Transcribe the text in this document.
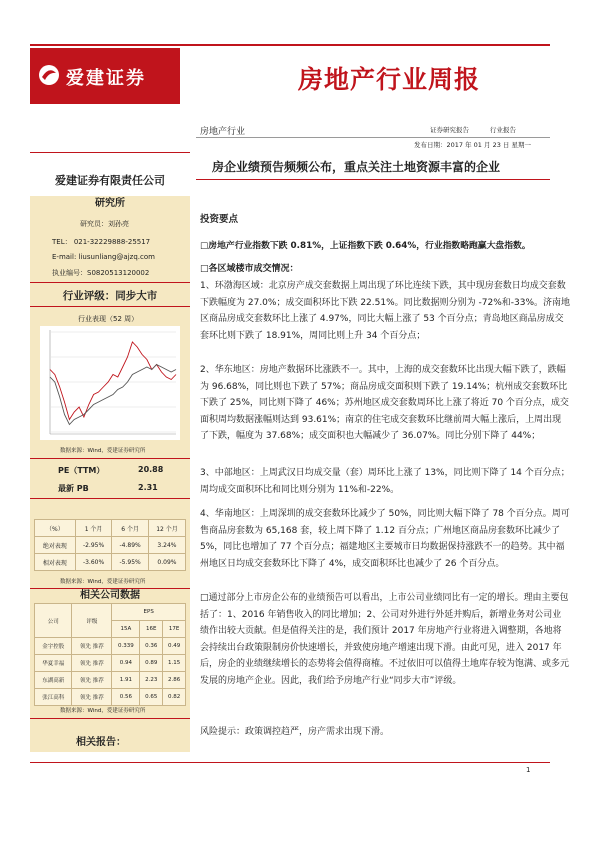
爱建证券	房地产行业周报
房地产行业	证券研究报告	行业报告
发布日期：2017 年 01 月 23 日 星期一
房企业绩预告频频公布，重点关注土地资源丰富的企业
爱建证券有限责任公司
研究所
研究员：刘孙亮
TEL： 021-32229888-25517
E-mail: liusunliang@ajzq.com
执业编号：S0820513120002
行业评级：同步大市
行业表现（52 周）
数据来源：Wind，爱建证券研究所
PE（TTM）	20.88
最新 PB	2.31
（%）	1 个月	6 个月	12 个月
绝对表现	-2.95%	-4.89%	3.24%
相对表现	-3.60%	-5.95%	0.09%
数据来源：Wind，爱建证券研究所
相关公司数据
公司	评级	EPS		
		15A	16E	17E
金宇控股	领先 推荐	0.339	0.36	0.49
华夏幸福	领先 推荐	0.94	0.89	1.15
东湖高新	领先 推荐	1.91	2.23	2.86
张江高科	领先 推荐	0.56	0.65	0.82
数据来源：Wind，爱建证券研究所
相关报告：
投资要点
□房地产行业指数下跌 0.81%，上证指数下跌 0.64%，行业指数略跑赢大盘指数。
□各区域楼市成交情况：
1、环渤海区域：北京房产成交套数据上周出现了环比连续下跌，其中现房套数日均成交套数下跌幅度为 27.0%；成交面积环比下跌 22.51%。同比数据则分别为 -72%和-33%。济南地区商品房成交套数环比上涨了 4.97%，同比大幅上涨了 53 个百分点；青岛地区商品房成交套环比则下跌了 18.91%，周同比则上升 34 个百分点；
2、华东地区：房地产数据环比涨跌不一。其中，上海的成交套数环比出现大幅下跌了，跌幅为 96.68%，同比则也下跌了 57%；商品房成交面积则下跌了 19.14%；杭州成交套数环比下跌了 25%，同比则下降了 46%；苏州地区成交套数周环比上涨了将近 70 个百分点，成交面积周均数据涨幅则达到 93.61%；南京的住宅成交套数环比继前周大幅上涨后，上周出现了下跌，幅度为 37.68%；成交面积也大幅减少了 36.07%。同比分别下降了 44%；
3、中部地区：上周武汉日均成交量（套）周环比上涨了 13%，同比则下降了 14 个百分点；周均成交面积环比和同比则分别为 11%和-22%。
4、华南地区：上周深圳的成交套数环比减少了 50%，同比则大幅下降了 78 个百分点。周可售商品房套数为 65,168 套，较上周下降了 1.12 百分点；广州地区商品房套数环比减少了 5%，同比也增加了 77 个百分点；福建地区主要城市日均数据保持涨跌不一的趋势。其中福州地区日均成交套数环比下降了 4%，成交面积环比也减少了 26 个百分点。
□通过部分上市房企公布的业绩预告可以看出，上市公司业绩同比有一定的增长。理由主要包括了：1、2016 年销售收入的同比增加；2、公司对外进行外延并购后，新增业务对公司业绩作出较大贡献。但是值得关注的是，我们预计 2017 年房地产行业将进入调整期，各地将会持续出台政策限制房价快速增长，并致使房地产增速出现下滑。由此可见，进入 2017 年后，房企的业绩继续增长的态势将会值得商榷。不过依旧可以值得土地库存较为饱满、或多元发展的房地产企业。因此，我们给予房地产行业“同步大市”评级。
风险提示：政策调控趋严，房产需求出现下滑。
1
